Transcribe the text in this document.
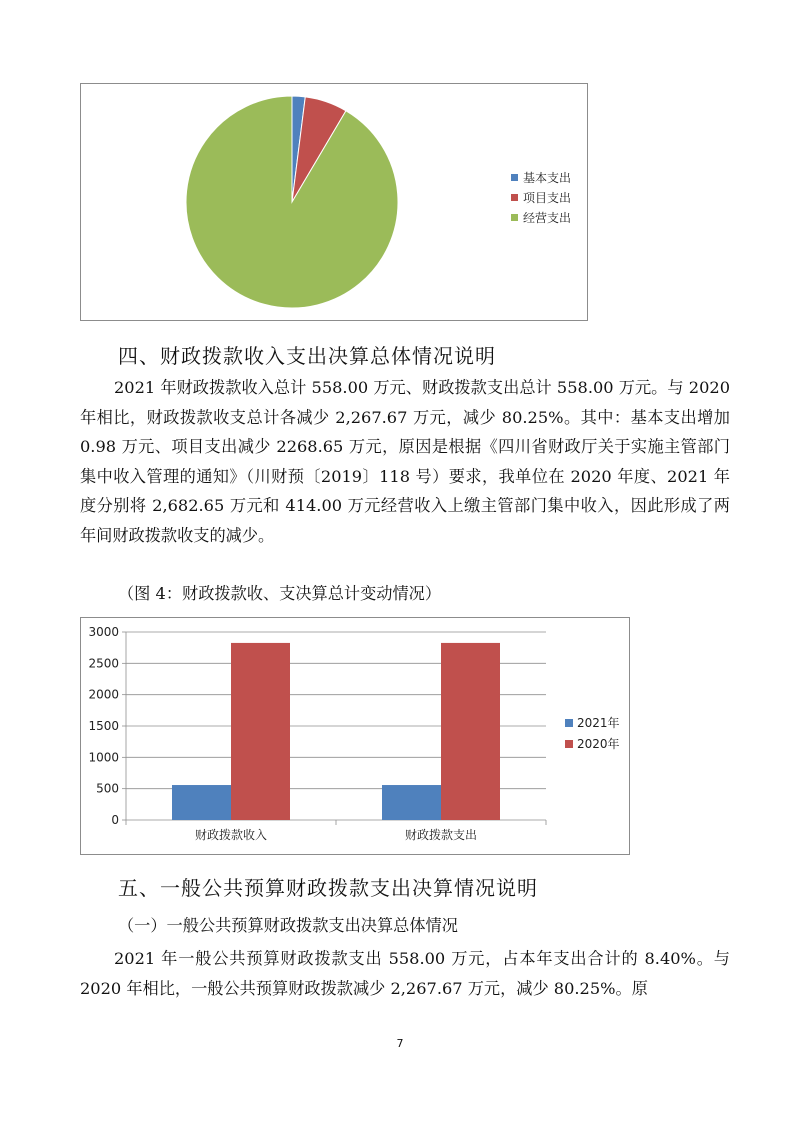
基本支出
项目支出
经营支出
四、财政拨款收入支出决算总体情况说明

2021 年财政拨款收入总计 558.00 万元、财政拨款支出总计 558.00 万元。与 2020 年相比，财政拨款收支总计各减少 2,267.67 万元，减少 80.25%。其中：基本支出增加 0.98 万元、项目支出减少 2268.65 万元，原因是根据《四川省财政厅关于实施主管部门集中收入管理的通知》（川财预〔2019〕118 号）要求，我单位在 2020 年度、2021 年度分别将 2,682.65 万元和 414.00 万元经营收入上缴主管部门集中收入，因此形成了两年间财政拨款收支的减少。

（图 4：财政拨款收、支决算总计变动情况）

0
500
1000
1500
2000
2500
3000
财政拨款收入	财政拨款支出
2021年
2020年
五、一般公共预算财政拨款支出决算情况说明

（一）一般公共预算财政拨款支出决算总体情况

2021 年一般公共预算财政拨款支出 558.00 万元，占本年支出合计的 8.40%。与 2020 年相比，一般公共预算财政拨款减少 2,267.67 万元，减少 80.25%。原

7
